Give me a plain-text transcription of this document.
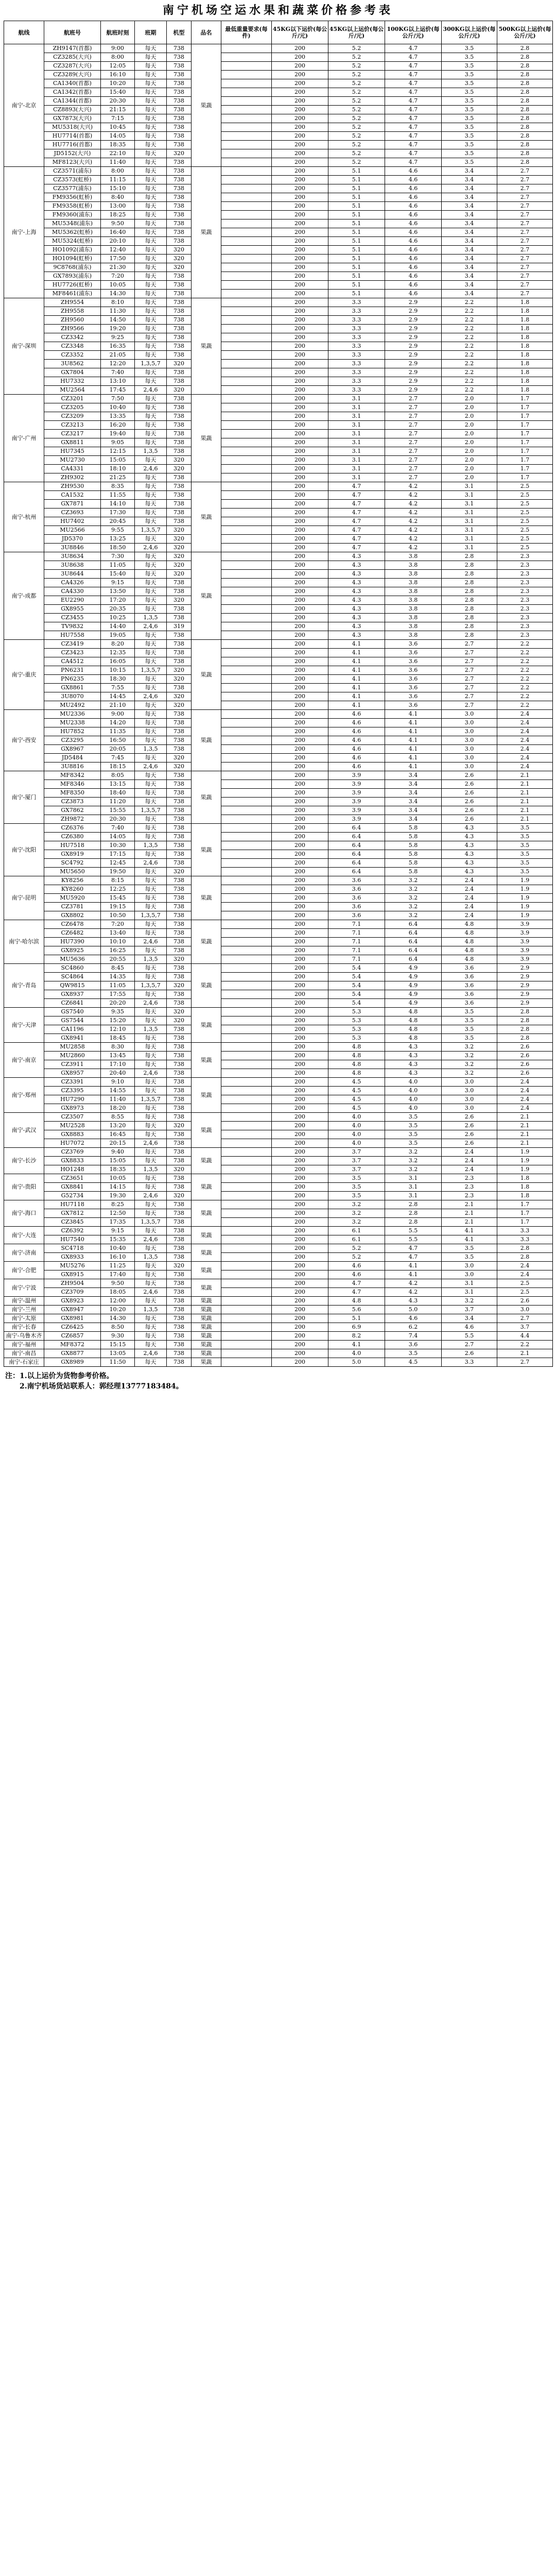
南宁机场空运水果和蔬菜价格参考表
航线	航班号	航班时刻	班期	机型	品名	最低重量要求(每件)	45KG以下运价(每公斤/元)	45KG以上运价(每公斤/元)	100KG以上运价(每公斤/元)	300KG以上运价(每公斤/元)	500KG以上运价(每公斤/元)	
南宁-北京	ZH9147(首都)	9:00	每天	738	果蔬		200	5.2	4.7	3.5	2.8	
	CZ3285(大兴)	8:00	每天	738			200	5.2	4.7	3.5	2.8	
	CZ3287(大兴)	12:05	每天	738			200	5.2	4.7	3.5	2.8	
	CZ3289(大兴)	16:10	每天	738			200	5.2	4.7	3.5	2.8	
	CA1340(首都)	10:20	每天	738			200	5.2	4.7	3.5	2.8	
	CA1342(首都)	15:40	每天	738			200	5.2	4.7	3.5	2.8	
	CA1344(首都)	20:30	每天	738			200	5.2	4.7	3.5	2.8	
	CZ8893(大兴)	21:15	每天	738			200	5.2	4.7	3.5	2.8	
	GX7873(大兴)	7:15	每天	738			200	5.2	4.7	3.5	2.8	
	MU5318(大兴)	10:45	每天	738			200	5.2	4.7	3.5	2.8	
	HU7714(首都)	14:05	每天	738			200	5.2	4.7	3.5	2.8	
	HU7716(首都)	18:35	每天	738			200	5.2	4.7	3.5	2.8	
	JD5152(大兴)	22:10	每天	320			200	5.2	4.7	3.5	2.8	
	MF8123(大兴)	11:40	每天	738			200	5.2	4.7	3.5	2.8	
南宁-上海	CZ3571(浦东)	8:00	每天	738	果蔬		200	5.1	4.6	3.4	2.7	
	CZ3573(虹桥)	11:15	每天	738			200	5.1	4.6	3.4	2.7	
	CZ3577(浦东)	15:10	每天	738			200	5.1	4.6	3.4	2.7	
	FM9356(虹桥)	8:40	每天	738			200	5.1	4.6	3.4	2.7	
	FM9358(虹桥)	13:00	每天	738			200	5.1	4.6	3.4	2.7	
	FM9360(浦东)	18:25	每天	738			200	5.1	4.6	3.4	2.7	
	MU5348(浦东)	9:50	每天	738			200	5.1	4.6	3.4	2.7	
	MU5362(虹桥)	16:40	每天	738			200	5.1	4.6	3.4	2.7	
	MU5324(虹桥)	20:10	每天	738			200	5.1	4.6	3.4	2.7	
	HO1092(浦东)	12:40	每天	320			200	5.1	4.6	3.4	2.7	
	HO1094(虹桥)	17:50	每天	320			200	5.1	4.6	3.4	2.7	
	9C8768(浦东)	21:30	每天	320			200	5.1	4.6	3.4	2.7	
	GX7893(浦东)	7:20	每天	738			200	5.1	4.6	3.4	2.7	
	HU7726(虹桥)	10:05	每天	738			200	5.1	4.6	3.4	2.7	
	MF8461(浦东)	14:30	每天	738			200	5.1	4.6	3.4	2.7	
南宁-深圳	ZH9554	8:10	每天	738	果蔬		200	3.3	2.9	2.2	1.8	
	ZH9558	11:30	每天	738			200	3.3	2.9	2.2	1.8	
	ZH9560	14:50	每天	738			200	3.3	2.9	2.2	1.8	
	ZH9566	19:20	每天	738			200	3.3	2.9	2.2	1.8	
	CZ3342	9:25	每天	738			200	3.3	2.9	2.2	1.8	
	CZ3348	16:35	每天	738			200	3.3	2.9	2.2	1.8	
	CZ3352	21:05	每天	738			200	3.3	2.9	2.2	1.8	
	3U8562	12:20	1,3,5,7	320			200	3.3	2.9	2.2	1.8	
	GX7804	7:40	每天	738			200	3.3	2.9	2.2	1.8	
	HU7332	13:10	每天	738			200	3.3	2.9	2.2	1.8	
	MU2564	17:45	2,4,6	320			200	3.3	2.9	2.2	1.8	
南宁-广州	CZ3201	7:50	每天	738	果蔬		200	3.1	2.7	2.0	1.7	
	CZ3205	10:40	每天	738			200	3.1	2.7	2.0	1.7	
	CZ3209	13:35	每天	738			200	3.1	2.7	2.0	1.7	
	CZ3213	16:20	每天	738			200	3.1	2.7	2.0	1.7	
	CZ3217	19:40	每天	738			200	3.1	2.7	2.0	1.7	
	GX8811	9:05	每天	738			200	3.1	2.7	2.0	1.7	
	HU7345	12:15	1,3,5	738			200	3.1	2.7	2.0	1.7	
	MU2730	15:05	每天	320			200	3.1	2.7	2.0	1.7	
	CA4331	18:10	2,4,6	320			200	3.1	2.7	2.0	1.7	
	ZH9302	21:25	每天	738			200	3.1	2.7	2.0	1.7	
南宁-杭州	ZH9530	8:35	每天	738	果蔬		200	4.7	4.2	3.1	2.5	
	CA1532	11:55	每天	738			200	4.7	4.2	3.1	2.5	
	GX7871	14:10	每天	738			200	4.7	4.2	3.1	2.5	
	CZ3693	17:30	每天	738			200	4.7	4.2	3.1	2.5	
	HU7402	20:45	每天	738			200	4.7	4.2	3.1	2.5	
	MU2566	9:55	1,3,5,7	320			200	4.7	4.2	3.1	2.5	
	JD5370	13:25	每天	320			200	4.7	4.2	3.1	2.5	
	3U8846	18:50	2,4,6	320			200	4.7	4.2	3.1	2.5	
南宁-成都	3U8634	7:30	每天	320	果蔬		200	4.3	3.8	2.8	2.3	
	3U8638	11:05	每天	320			200	4.3	3.8	2.8	2.3	
	3U8644	15:40	每天	320			200	4.3	3.8	2.8	2.3	
	CA4326	9:15	每天	738			200	4.3	3.8	2.8	2.3	
	CA4330	13:50	每天	738			200	4.3	3.8	2.8	2.3	
	EU2290	17:20	每天	320			200	4.3	3.8	2.8	2.3	
	GX8955	20:35	每天	738			200	4.3	3.8	2.8	2.3	
	CZ3455	10:25	1,3,5	738			200	4.3	3.8	2.8	2.3	
	TV9832	14:40	2,4,6	319			200	4.3	3.8	2.8	2.3	
	HU7558	19:05	每天	738			200	4.3	3.8	2.8	2.3	
南宁-重庆	CZ3419	8:20	每天	738	果蔬		200	4.1	3.6	2.7	2.2	
	CZ3423	12:35	每天	738			200	4.1	3.6	2.7	2.2	
	CA4512	16:05	每天	738			200	4.1	3.6	2.7	2.2	
	PN6231	10:15	1,3,5,7	320			200	4.1	3.6	2.7	2.2	
	PN6235	18:30	每天	320			200	4.1	3.6	2.7	2.2	
	GX8861	7:55	每天	738			200	4.1	3.6	2.7	2.2	
	3U8070	14:45	2,4,6	320			200	4.1	3.6	2.7	2.2	
	MU2492	21:10	每天	320			200	4.1	3.6	2.7	2.2	
南宁-西安	MU2336	9:00	每天	738	果蔬		200	4.6	4.1	3.0	2.4	
	MU2338	14:20	每天	738			200	4.6	4.1	3.0	2.4	
	HU7852	11:35	每天	738			200	4.6	4.1	3.0	2.4	
	CZ3295	16:50	每天	738			200	4.6	4.1	3.0	2.4	
	GX8967	20:05	1,3,5	738			200	4.6	4.1	3.0	2.4	
	JD5484	7:45	每天	320			200	4.6	4.1	3.0	2.4	
	3U8816	18:15	2,4,6	320			200	4.6	4.1	3.0	2.4	
南宁-厦门	MF8342	8:05	每天	738	果蔬		200	3.9	3.4	2.6	2.1	
	MF8346	13:15	每天	738			200	3.9	3.4	2.6	2.1	
	MF8350	18:40	每天	738			200	3.9	3.4	2.6	2.1	
	CZ3873	11:20	每天	738			200	3.9	3.4	2.6	2.1	
	GX7862	15:55	1,3,5,7	738			200	3.9	3.4	2.6	2.1	
	ZH9872	20:30	每天	738			200	3.9	3.4	2.6	2.1	
南宁-沈阳	CZ6376	7:40	每天	738	果蔬		200	6.4	5.8	4.3	3.5	
	CZ6380	14:05	每天	738			200	6.4	5.8	4.3	3.5	
	HU7518	10:30	1,3,5	738			200	6.4	5.8	4.3	3.5	
	GX8919	17:15	每天	738			200	6.4	5.8	4.3	3.5	
	SC4792	12:45	2,4,6	738			200	6.4	5.8	4.3	3.5	
	MU5650	19:50	每天	320			200	6.4	5.8	4.3	3.5	
南宁-昆明	KY8256	8:15	每天	738	果蔬		200	3.6	3.2	2.4	1.9	
	KY8260	12:25	每天	738			200	3.6	3.2	2.4	1.9	
	MU5920	15:45	每天	738			200	3.6	3.2	2.4	1.9	
	CZ3781	19:15	每天	738			200	3.6	3.2	2.4	1.9	
	GX8802	10:50	1,3,5,7	738			200	3.6	3.2	2.4	1.9	
南宁-哈尔滨	CZ6478	7:20	每天	738	果蔬		200	7.1	6.4	4.8	3.9	
	CZ6482	13:40	每天	738			200	7.1	6.4	4.8	3.9	
	HU7390	10:10	2,4,6	738			200	7.1	6.4	4.8	3.9	
	GX8925	16:25	每天	738			200	7.1	6.4	4.8	3.9	
	MU5636	20:55	1,3,5	320			200	7.1	6.4	4.8	3.9	
南宁-青岛	SC4860	8:45	每天	738	果蔬		200	5.4	4.9	3.6	2.9	
	SC4864	14:35	每天	738			200	5.4	4.9	3.6	2.9	
	QW9815	11:05	1,3,5,7	320			200	5.4	4.9	3.6	2.9	
	GX8937	17:55	每天	738			200	5.4	4.9	3.6	2.9	
	CZ6841	20:20	2,4,6	738			200	5.4	4.9	3.6	2.9	
南宁-天津	GS7540	9:35	每天	320	果蔬		200	5.3	4.8	3.5	2.8	
	GS7544	15:20	每天	320			200	5.3	4.8	3.5	2.8	
	CA1196	12:10	1,3,5	738			200	5.3	4.8	3.5	2.8	
	GX8941	18:45	每天	738			200	5.3	4.8	3.5	2.8	
南宁-南京	MU2858	8:30	每天	738	果蔬		200	4.8	4.3	3.2	2.6	
	MU2860	13:45	每天	738			200	4.8	4.3	3.2	2.6	
	CZ3911	17:10	每天	738			200	4.8	4.3	3.2	2.6	
	GX8957	20:40	2,4,6	738			200	4.8	4.3	3.2	2.6	
南宁-郑州	CZ3391	9:10	每天	738	果蔬		200	4.5	4.0	3.0	2.4	
	CZ3395	14:55	每天	738			200	4.5	4.0	3.0	2.4	
	HU7290	11:40	1,3,5,7	738			200	4.5	4.0	3.0	2.4	
	GX8973	18:20	每天	738			200	4.5	4.0	3.0	2.4	
南宁-武汉	CZ3507	8:55	每天	738	果蔬		200	4.0	3.5	2.6	2.1	
	MU2528	13:20	每天	320			200	4.0	3.5	2.6	2.1	
	GX8883	16:45	每天	738			200	4.0	3.5	2.6	2.1	
	HU7072	20:15	2,4,6	738			200	4.0	3.5	2.6	2.1	
南宁-长沙	CZ3769	9:40	每天	738	果蔬		200	3.7	3.2	2.4	1.9	
	GX8833	15:05	每天	738			200	3.7	3.2	2.4	1.9	
	HO1248	18:35	1,3,5	320			200	3.7	3.2	2.4	1.9	
南宁-贵阳	CZ3651	10:05	每天	738	果蔬		200	3.5	3.1	2.3	1.8	
	GX8841	14:15	每天	738			200	3.5	3.1	2.3	1.8	
	G52734	19:30	2,4,6	320			200	3.5	3.1	2.3	1.8	
南宁-海口	HU7118	8:25	每天	738	果蔬		200	3.2	2.8	2.1	1.7	
	GX7812	12:50	每天	738			200	3.2	2.8	2.1	1.7	
	CZ3845	17:35	1,3,5,7	738			200	3.2	2.8	2.1	1.7	
南宁-大连	CZ6392	9:15	每天	738	果蔬		200	6.1	5.5	4.1	3.3	
	HU7540	15:35	2,4,6	738			200	6.1	5.5	4.1	3.3	
南宁-济南	SC4718	10:40	每天	738	果蔬		200	5.2	4.7	3.5	2.8	
	GX8933	16:10	1,3,5	738			200	5.2	4.7	3.5	2.8	
南宁-合肥	MU5276	11:25	每天	320	果蔬		200	4.6	4.1	3.0	2.4	
	GX8915	17:40	每天	738			200	4.6	4.1	3.0	2.4	
南宁-宁波	ZH9504	9:50	每天	738	果蔬		200	4.7	4.2	3.1	2.5	
	CZ3709	18:05	2,4,6	738			200	4.7	4.2	3.1	2.5	
南宁-温州	GX8923	12:00	每天	738	果蔬		200	4.8	4.3	3.2	2.6	
南宁-兰州	GX8947	10:20	1,3,5	738	果蔬		200	5.6	5.0	3.7	3.0	
南宁-太原	GX8981	14:30	每天	738	果蔬		200	5.1	4.6	3.4	2.7	
南宁-长春	CZ6425	8:50	每天	738	果蔬		200	6.9	6.2	4.6	3.7	
南宁-乌鲁木齐	CZ6857	9:30	每天	738	果蔬		200	8.2	7.4	5.5	4.4	
南宁-福州	MF8372	15:15	每天	738	果蔬		200	4.1	3.6	2.7	2.2	
南宁-南昌	GX8877	13:05	2,4,6	738	果蔬		200	4.0	3.5	2.6	2.1	
南宁-石家庄	GX8989	11:50	每天	738	果蔬		200	5.0	4.5	3.3	2.7	
注：1.以上运价为货物参考价格。
2.南宁机场货站联系人：郭经理13777183484。
